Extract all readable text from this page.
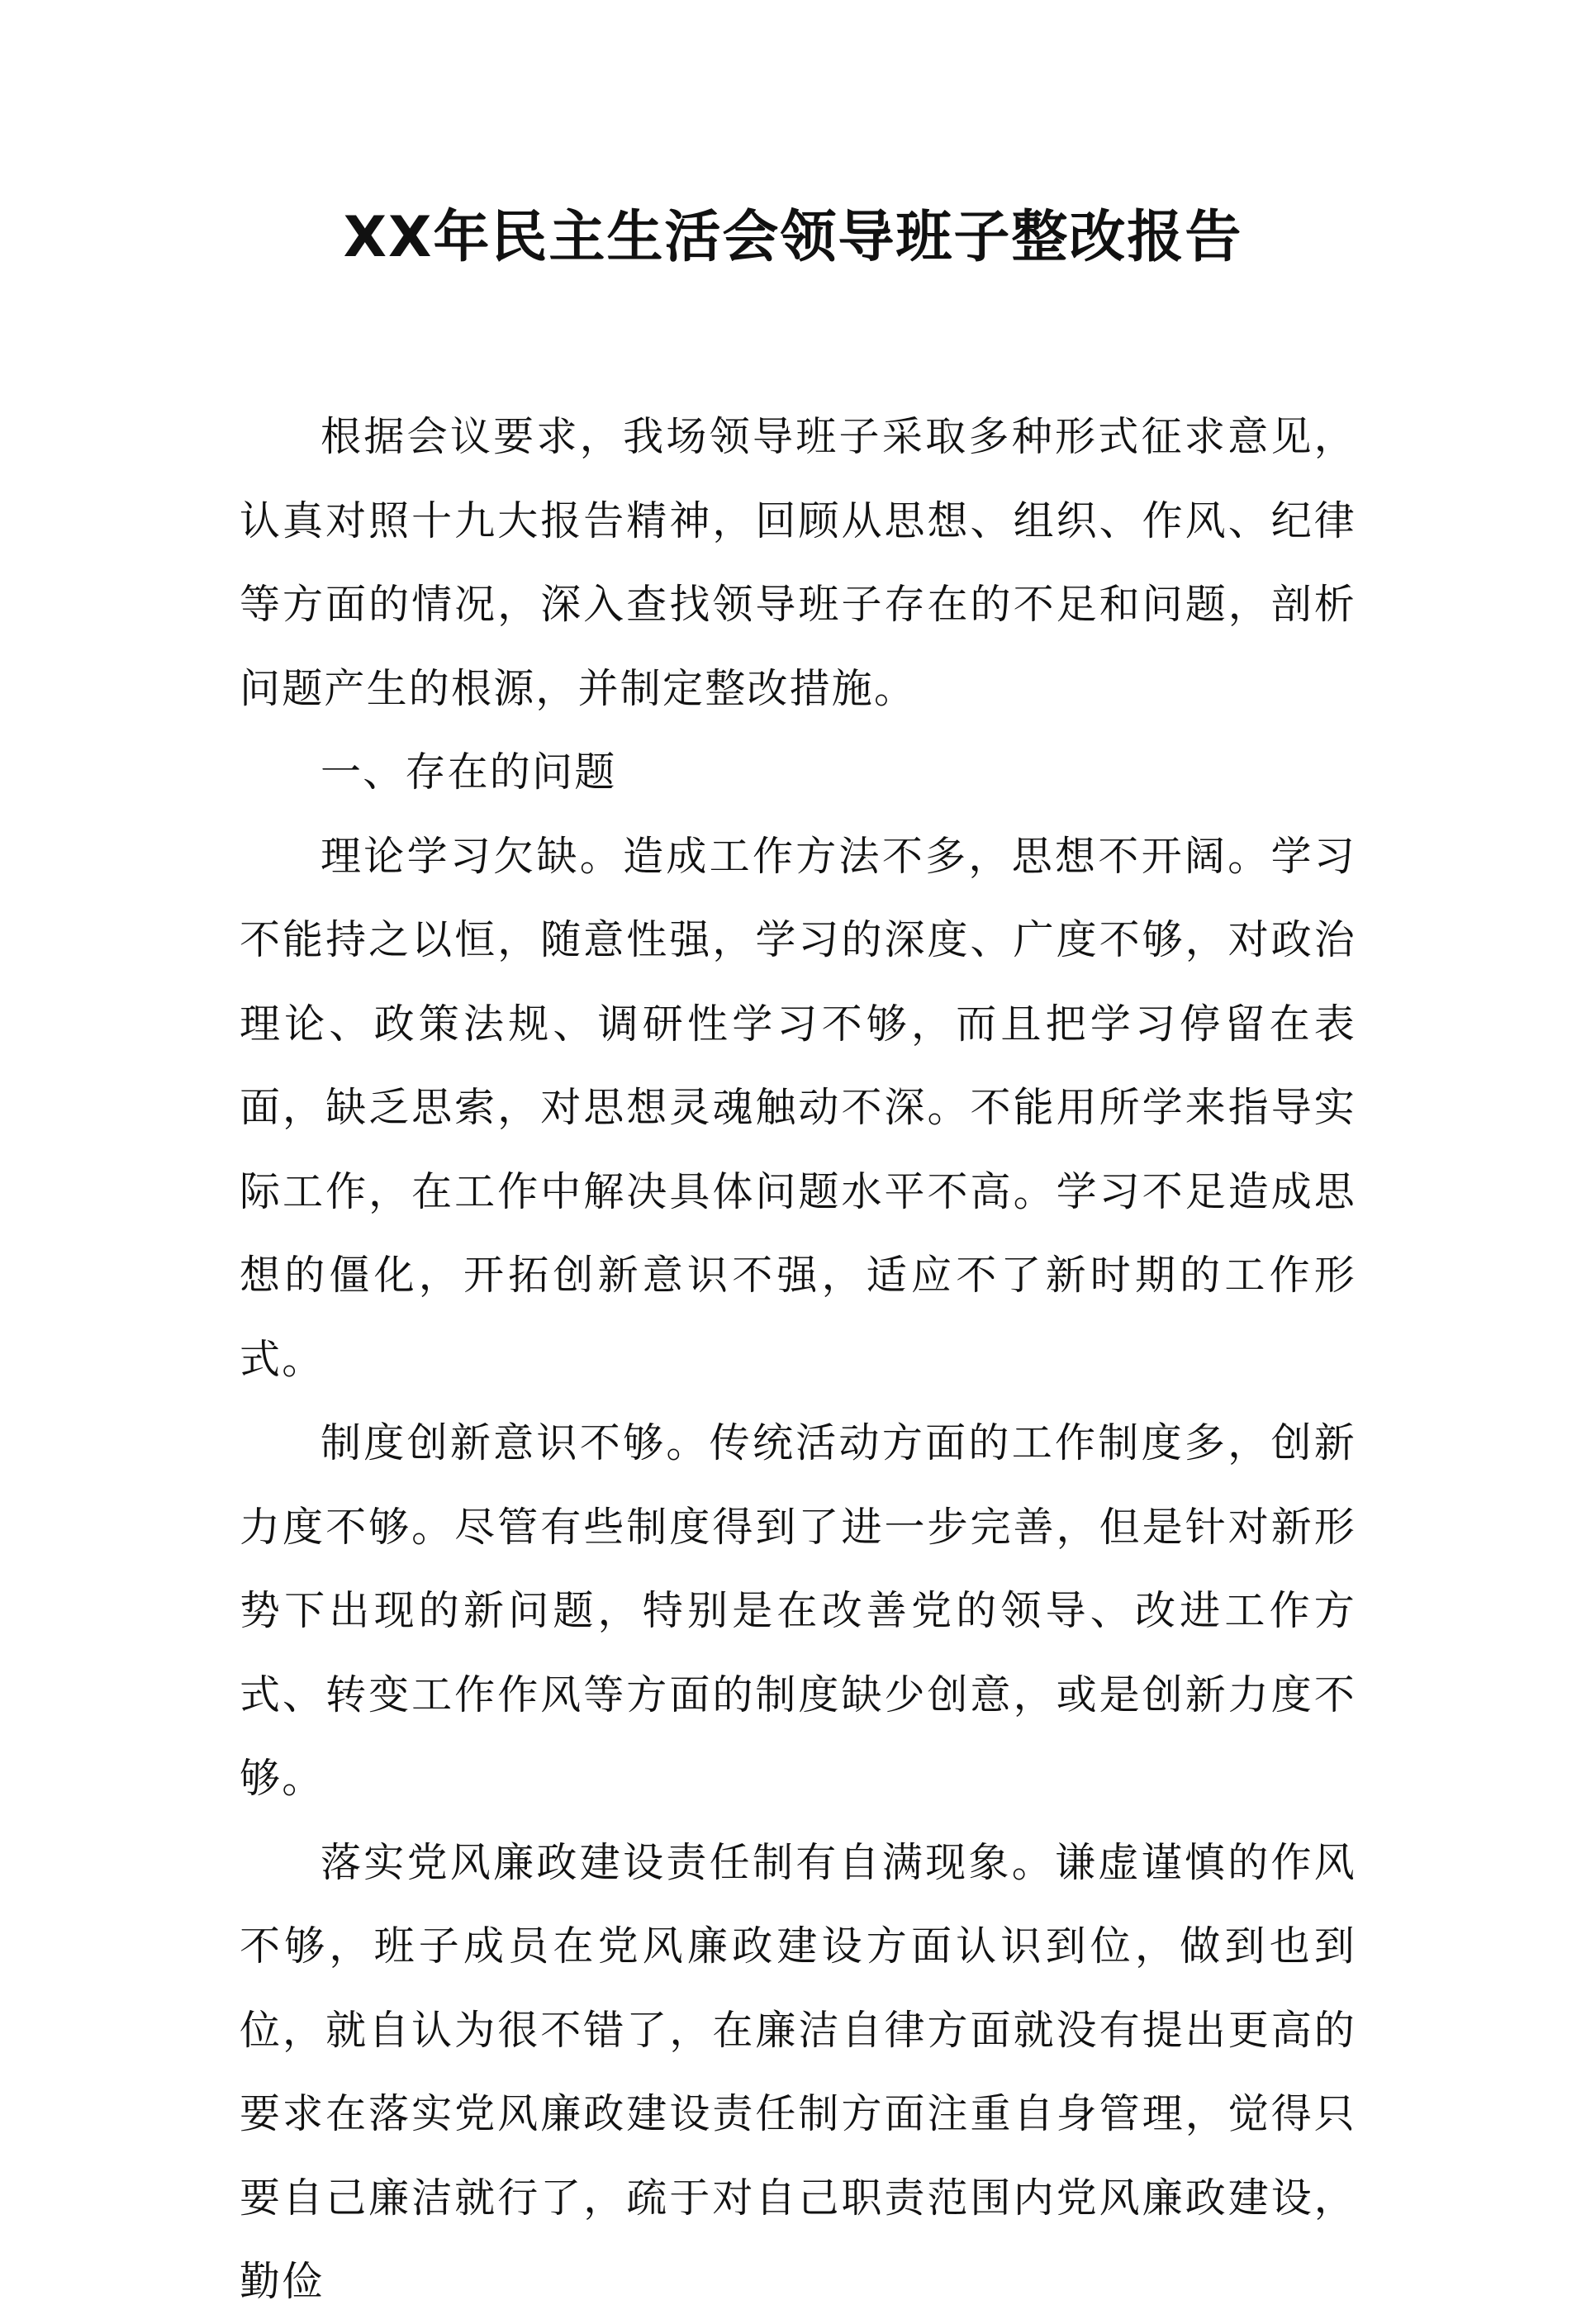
XX年民主生活会领导班子整改报告

根据会议要求，我场领导班子采取多种形式征求意见，认真对照十九大报告精神，回顾从思想、组织、作风、纪律等方面的情况，深入查找领导班子存在的不足和问题，剖析问题产生的根源，并制定整改措施。

一、存在的问题

理论学习欠缺。造成工作方法不多，思想不开阔。学习不能持之以恒，随意性强，学习的深度、广度不够，对政治理论、政策法规、调研性学习不够，而且把学习停留在表面，缺乏思索，对思想灵魂触动不深。不能用所学来指导实际工作，在工作中解决具体问题水平不高。学习不足造成思想的僵化，开拓创新意识不强，适应不了新时期的工作形式。

制度创新意识不够。传统活动方面的工作制度多，创新力度不够。尽管有些制度得到了进一步完善，但是针对新形势下出现的新问题，特别是在改善党的领导、改进工作方式、转变工作作风等方面的制度缺少创意，或是创新力度不够。

落实党风廉政建设责任制有自满现象。谦虚谨慎的作风不够，班子成员在党风廉政建设方面认识到位，做到也到位，就自认为很不错了，在廉洁自律方面就没有提出更高的要求在落实党风廉政建设责任制方面注重自身管理，觉得只要自己廉洁就行了，疏于对自己职责范围内党风廉政建设，勤俭
